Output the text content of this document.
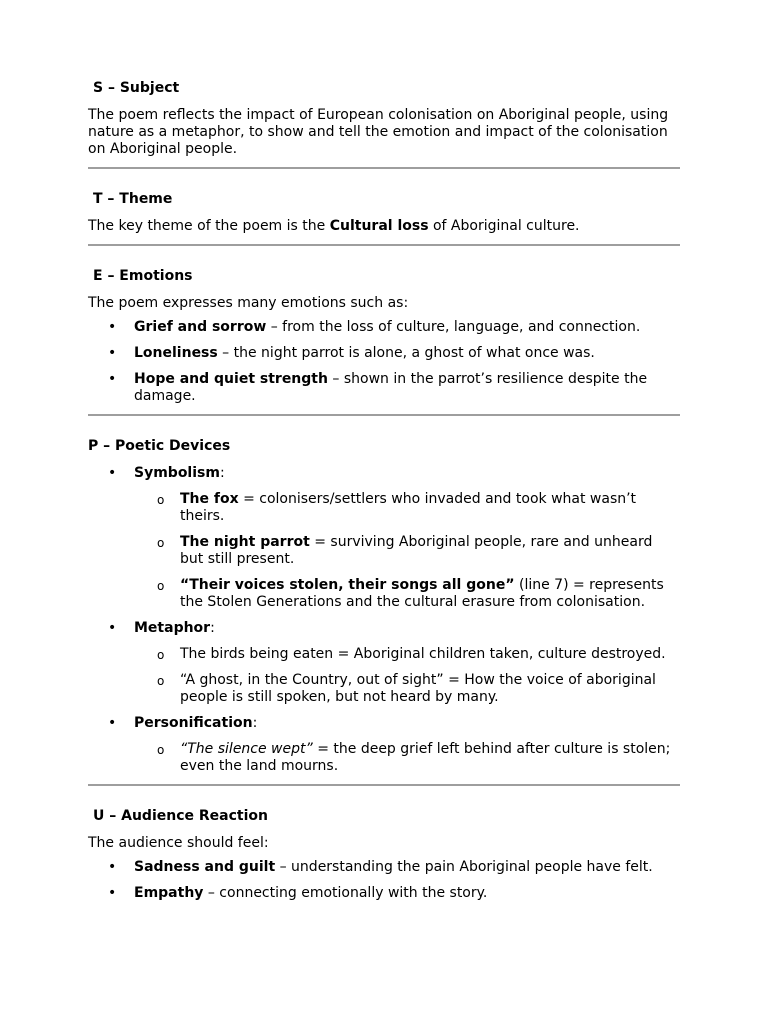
S – Subject

The poem reflects the impact of European colonisation on Aboriginal people, using nature as a metaphor, to show and tell the emotion and impact of the colonisation on Aboriginal people.

T – Theme

The key theme of the poem is the Cultural loss of Aboriginal culture.

E – Emotions

The poem expresses many emotions such as:

• Grief and sorrow – from the loss of culture, language, and connection.
• Loneliness – the night parrot is alone, a ghost of what once was.
• Hope and quiet strength – shown in the parrot’s resilience despite the damage.
P – Poetic Devices
• Symbolism:
o The fox = colonisers/settlers who invaded and took what wasn’t theirs.
o The night parrot = surviving Aboriginal people, rare and unheard but still present.
o “Their voices stolen, their songs all gone” (line 7) = represents the Stolen Generations and the cultural erasure from colonisation.
• Metaphor:
o The birds being eaten = Aboriginal children taken, culture destroyed.
o “A ghost, in the Country, out of sight” = How the voice of aboriginal people is still spoken, but not heard by many.
• Personification:
o “The silence wept” = the deep grief left behind after culture is stolen; even the land mourns.
U – Audience Reaction

The audience should feel:

• Sadness and guilt – understanding the pain Aboriginal people have felt.
• Empathy – connecting emotionally with the story.
